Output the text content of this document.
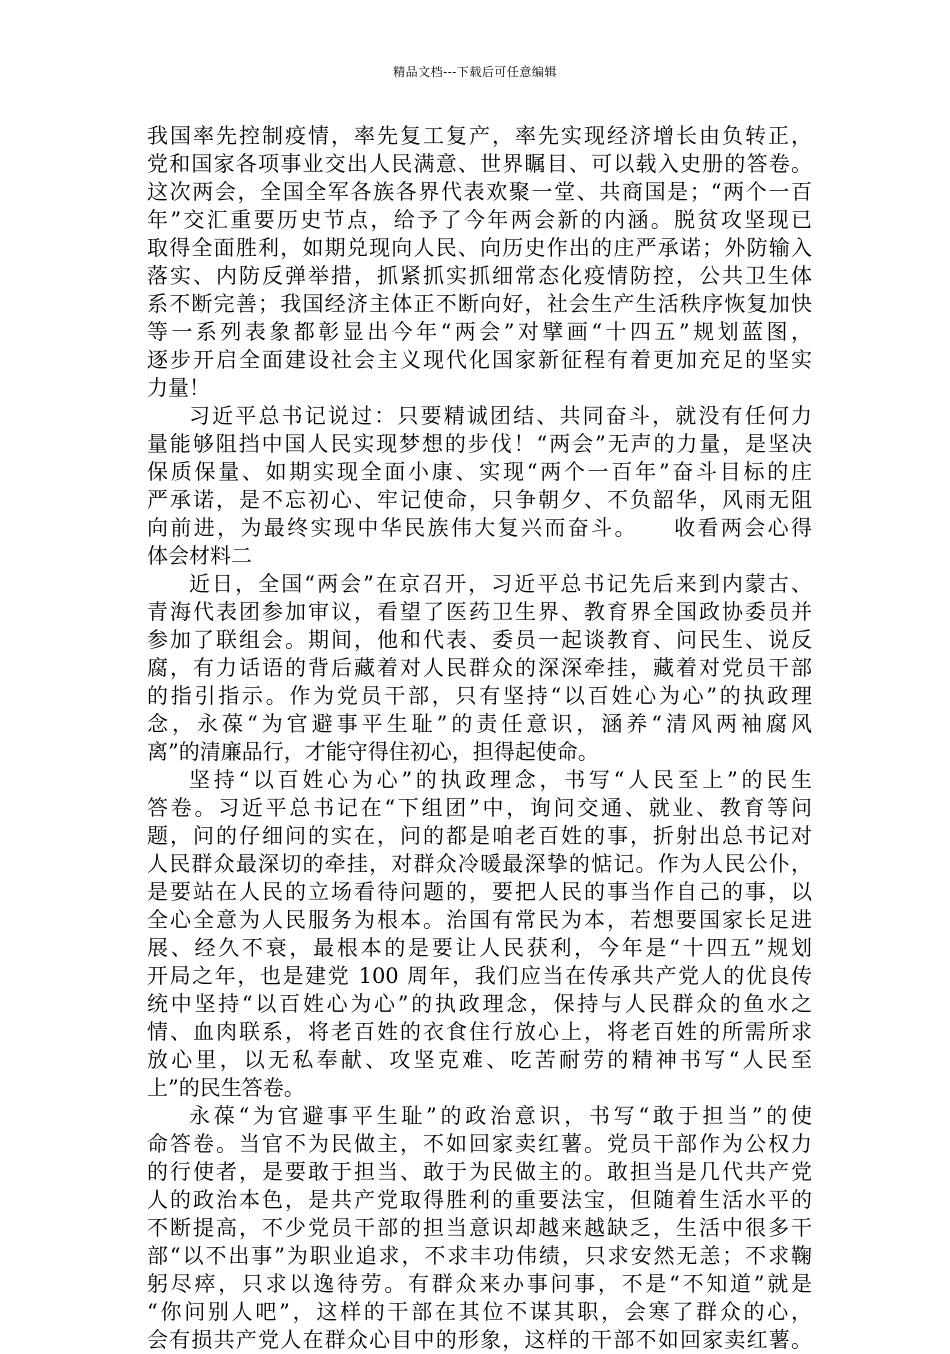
精品文档---下载后可任意编辑
我国率先控制疫情，率先复工复产，率先实现经济增长由负转正，
党和国家各项事业交出人民满意、世界瞩目、可以载入史册的答卷。
这次两会，全国全军各族各界代表欢聚一堂、共商国是；“两个一百
年”交汇重要历史节点，给予了今年两会新的内涵。脱贫攻坚现已
取得全面胜利，如期兑现向人民、向历史作出的庄严承诺；外防输入
落实、内防反弹举措，抓紧抓实抓细常态化疫情防控，公共卫生体
系不断完善；我国经济主体正不断向好，社会生产生活秩序恢复加快
等一系列表象都彰显出今年“两会”对擘画“十四五”规划蓝图，
逐步开启全面建设社会主义现代化国家新征程有着更加充足的坚实
力量！
习近平总书记说过：只要精诚团结、共同奋斗，就没有任何力
量能够阻挡中国人民实现梦想的步伐！“两会”无声的力量，是坚决
保质保量、如期实现全面小康、实现“两个一百年”奋斗目标的庄
严承诺，是不忘初心、牢记使命，只争朝夕、不负韶华，风雨无阻
向前进，为最终实现中华民族伟大复兴而奋斗。　　收看两会心得
体会材料二
近日，全国“两会”在京召开，习近平总书记先后来到内蒙古、
青海代表团参加审议，看望了医药卫生界、教育界全国政协委员并
参加了联组会。期间，他和代表、委员一起谈教育、问民生、说反
腐，有力话语的背后藏着对人民群众的深深牵挂，藏着对党员干部
的指引指示。作为党员干部，只有坚持“以百姓心为心”的执政理
念，永葆“为官避事平生耻”的责任意识，涵养“清风两袖腐风
离”的清廉品行，才能守得住初心，担得起使命。
坚持“以百姓心为心”的执政理念，书写“人民至上”的民生
答卷。习近平总书记在“下组团”中，询问交通、就业、教育等问
题，问的仔细问的实在，问的都是咱老百姓的事，折射出总书记对
人民群众最深切的牵挂，对群众冷暖最深挚的惦记。作为人民公仆，
是要站在人民的立场看待问题的，要把人民的事当作自己的事，以
全心全意为人民服务为根本。治国有常民为本，若想要国家长足进
展、经久不衰，最根本的是要让人民获利，今年是“十四五”规划
开局之年，也是建党 100 周年，我们应当在传承共产党人的优良传
统中坚持“以百姓心为心”的执政理念，保持与人民群众的鱼水之
情、血肉联系，将老百姓的衣食住行放心上，将老百姓的所需所求
放心里，以无私奉献、攻坚克难、吃苦耐劳的精神书写“人民至
上”的民生答卷。
永葆“为官避事平生耻”的政治意识，书写“敢于担当”的使
命答卷。当官不为民做主，不如回家卖红薯。党员干部作为公权力
的行使者，是要敢于担当、敢于为民做主的。敢担当是几代共产党
人的政治本色，是共产党取得胜利的重要法宝，但随着生活水平的
不断提高，不少党员干部的担当意识却越来越缺乏，生活中很多干
部“以不出事”为职业追求，不求丰功伟绩，只求安然无恙；不求鞠
躬尽瘁，只求以逸待劳。有群众来办事问事，不是“不知道”就是
“你问别人吧”，这样的干部在其位不谋其职，会寒了群众的心，
会有损共产党人在群众心目中的形象，这样的干部不如回家卖红薯。
